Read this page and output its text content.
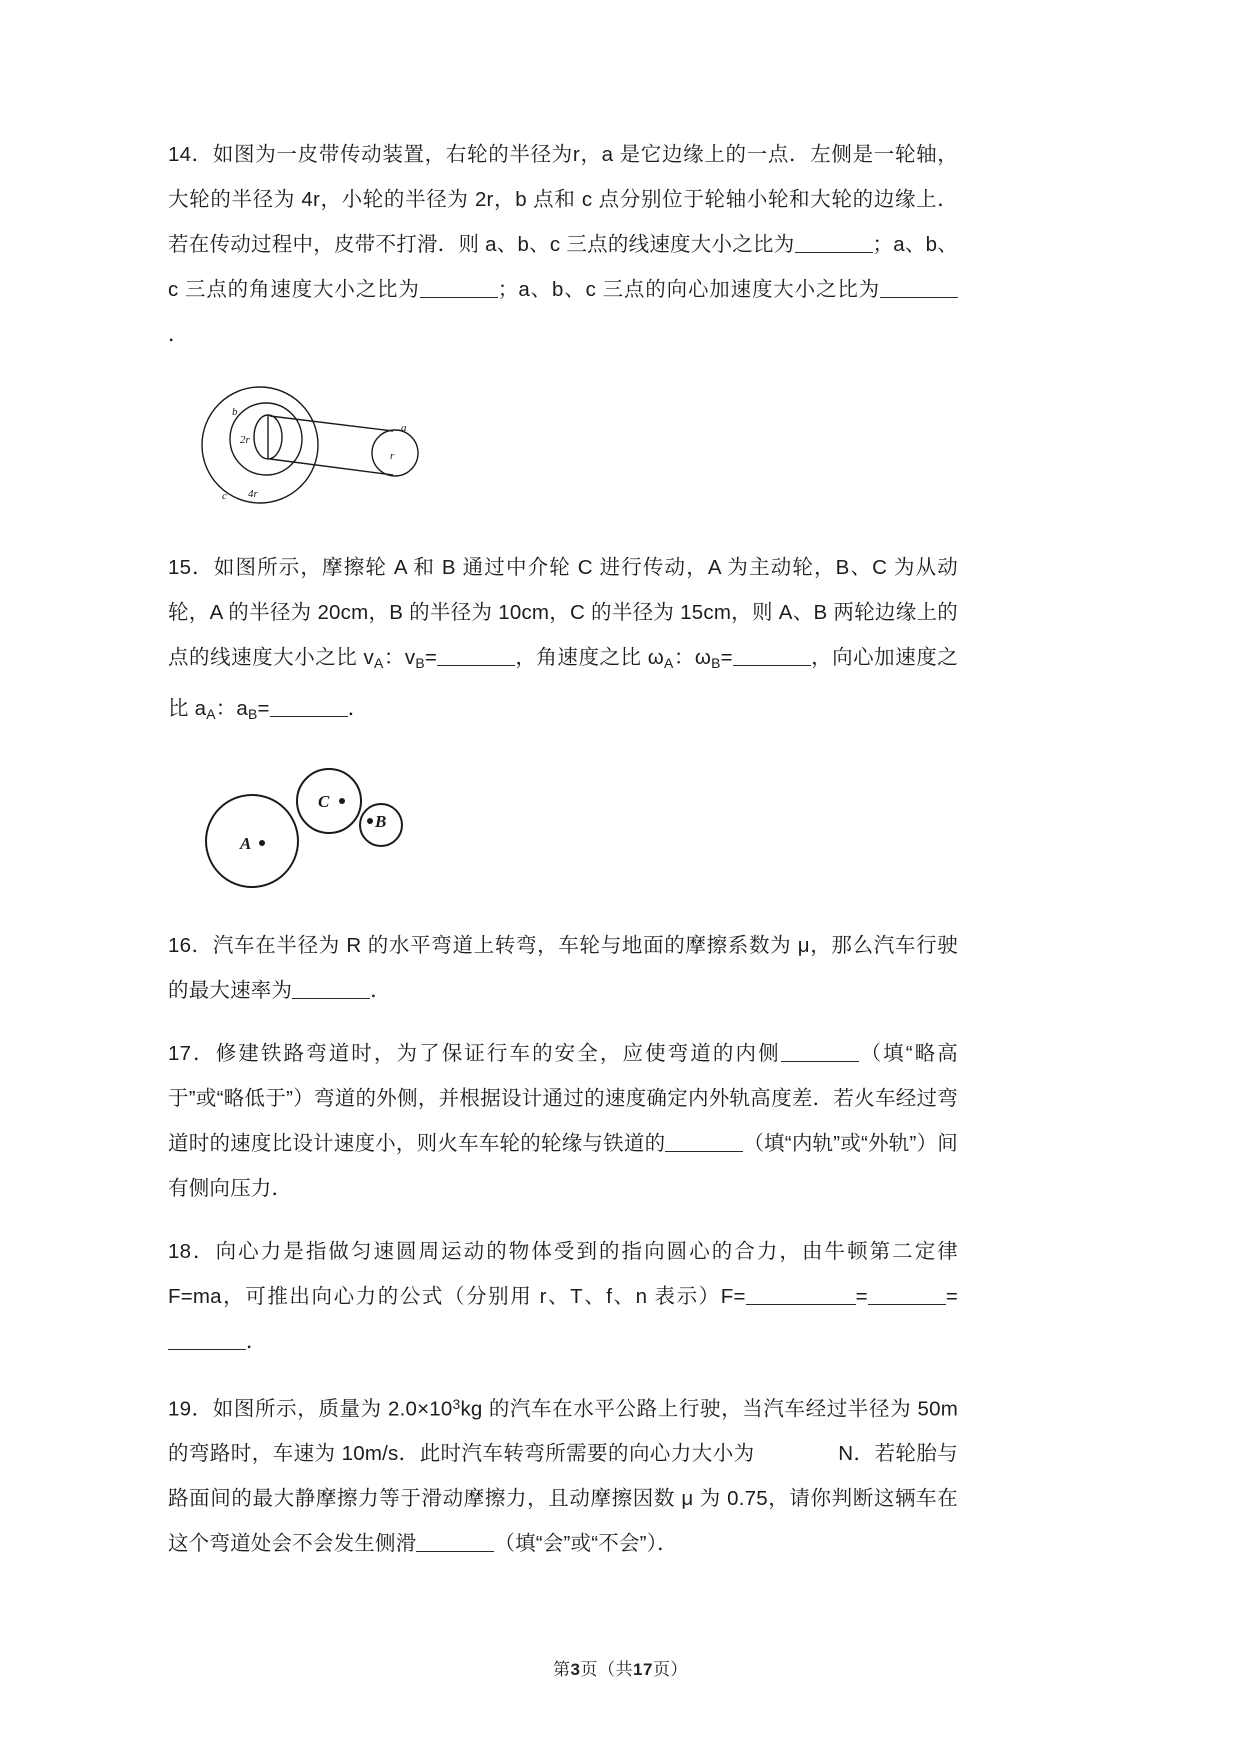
14．如图为一皮带传动装置，右轮的半径为r，a 是它边缘上的一点．左侧是一轮轴，大轮的半径为 4r，小轮的半径为 2r，b 点和 c 点分别位于轮轴小轮和大轮的边缘上．若在传动过程中，皮带不打滑．则 a、b、c 三点的线速度大小之比为	；a、b、c 三点的角速度大小之比为	；a、b、c 三点的向心加速度大小之比为．

b
2r
c 4r
a
r

15．如图所示，摩擦轮 A 和 B 通过中介轮 C 进行传动，A 为主动轮，B、C 为从动轮，A 的半径为 20cm，B 的半径为 10cm，C 的半径为 15cm，则 A、B 两轮边缘上的点的线速度大小之比 $v_A$：$v_B=$	，角速度之比 $\omega_A$：$\omega_B=$	，向心加速度之比 $a_A$：$a_B=$	．

A
C
B

16．汽车在半径为 R 的水平弯道上转弯，车轮与地面的摩擦系数为 μ，那么汽车行驶的最大速率为	．

17．修建铁路弯道时，为了保证行车的安全，应使弯道的内侧	（填“略高于”或“略低于”）弯道的外侧，并根据设计通过的速度确定内外轨高度差．若火车经过弯道时的速度比设计速度小，则火车车轮的轮缘与铁道的	（填“内轨”或“外轨”）间有侧向压力．

18．向心力是指做匀速圆周运动的物体受到的指向圆心的合力，由牛顿第二定律F=ma，可推出向心力的公式（分别用 r、T、f、n 表示）F=	=	=．

19．如图所示，质量为 $2.0\times 10^3kg$ 的汽车在水平公路上行驶，当汽车经过半径为 50m 的弯路时，车速为 10m/s．此时汽车转弯所需要的向心力大小为　　　　N．若轮胎与路面间的最大静摩擦力等于滑动摩擦力，且动摩擦因数 μ 为 0.75，请你判断这辆车在这个弯道处会不会发生侧滑	（填“会”或“不会”）．

第3页（共17页）
